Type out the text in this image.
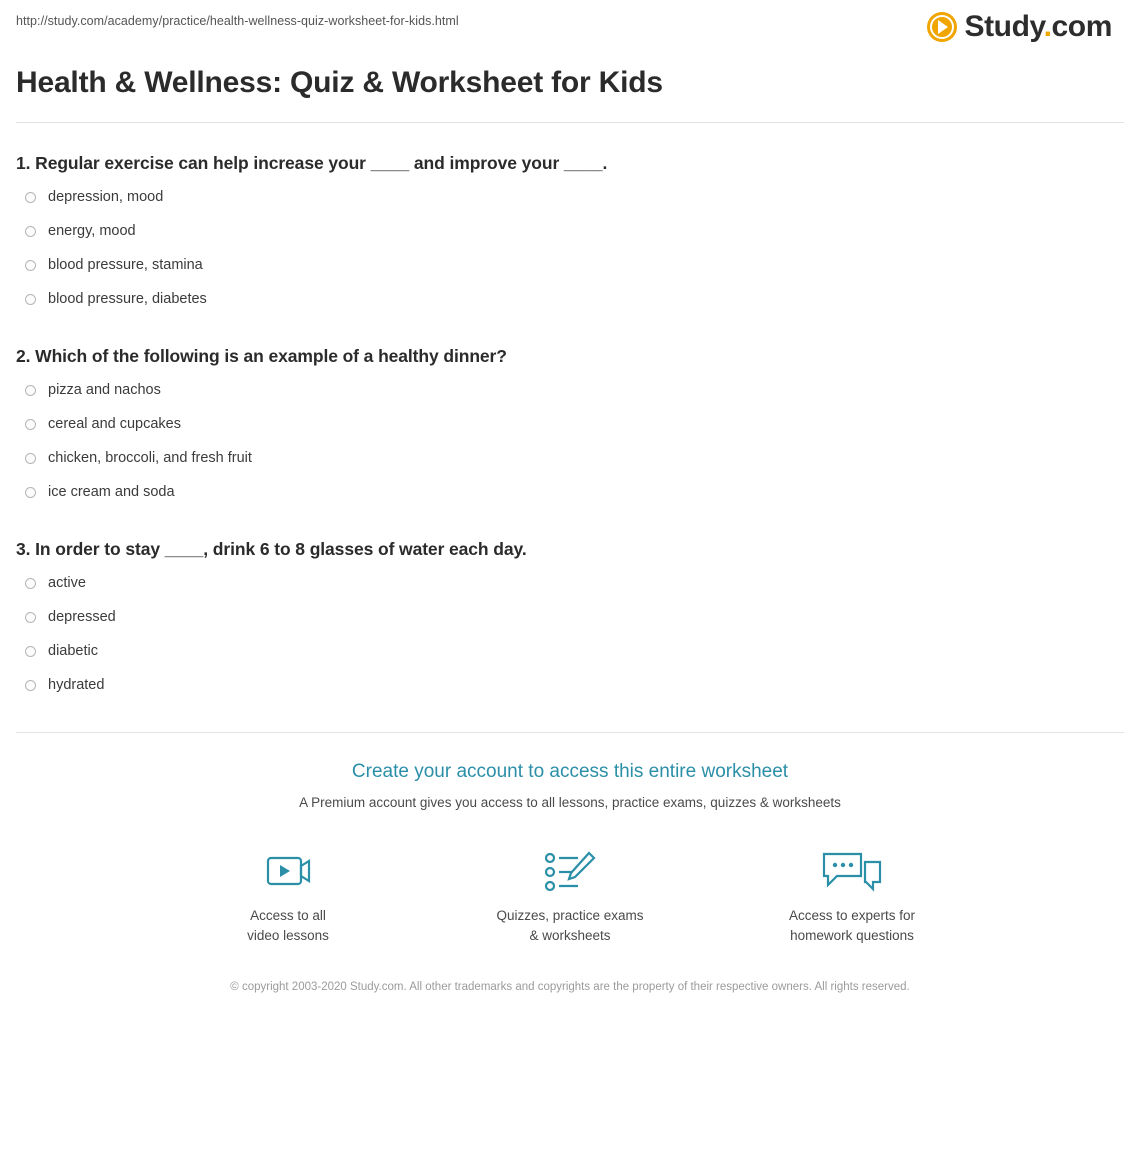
http://study.com/academy/practice/health-wellness-quiz-worksheet-for-kids.html	Study.com
Health & Wellness: Quiz & Worksheet for Kids
1. Regular exercise can help increase your ____ and improve your ____.
depression, mood
energy, mood
blood pressure, stamina
blood pressure, diabetes
2. Which of the following is an example of a healthy dinner?
pizza and nachos
cereal and cupcakes
chicken, broccoli, and fresh fruit
ice cream and soda
3. In order to stay ____, drink 6 to 8 glasses of water each day.
active
depressed
diabetic
hydrated
Create your account to access this entire worksheet
A Premium account gives you access to all lessons, practice exams, quizzes & worksheets
Access to all
video lessons
Quizzes, practice exams
& worksheets
Access to experts for
homework questions
© copyright 2003-2020 Study.com. All other trademarks and copyrights are the property of their respective owners. All rights reserved.
